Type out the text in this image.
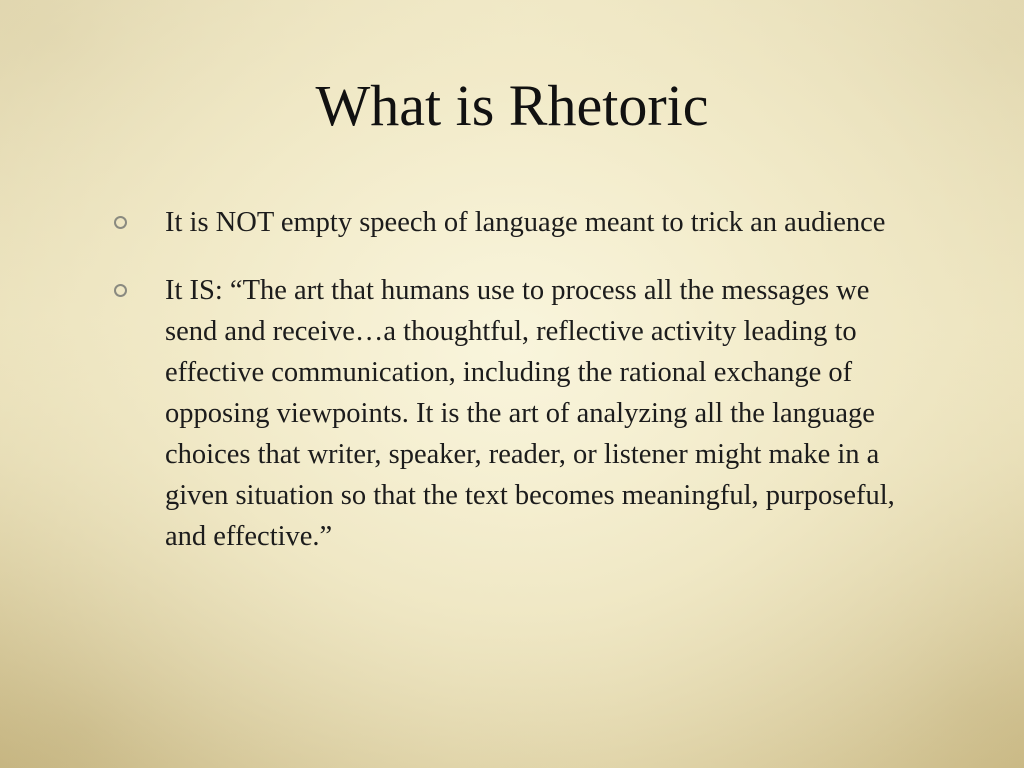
What is Rhetoric
It is NOT empty speech of language meant to trick an audience
It IS: “The art that humans use to process all the messages we send and receive…a thoughtful, reflective activity leading to effective communication, including the rational exchange of opposing viewpoints. It is the art of analyzing all the language choices that writer, speaker, reader, or listener might make in a given situation so that the text becomes meaningful, purposeful, and effective.”
